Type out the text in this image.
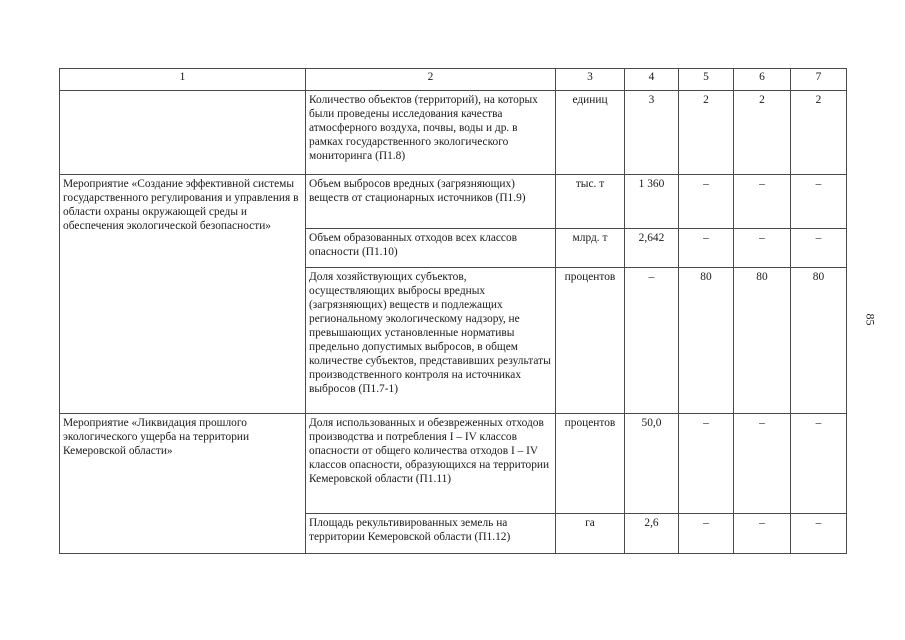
1	2	3	4	5	6	7
	Количество объектов (территорий), на которых были проведены исследования качества атмосферного воздуха, почвы, воды и др. в рамках государственного экологического мониторинга (П1.8)	единиц	3	2	2	2
Мероприятие «Создание эффективной системы государственного регулирования и управления в области охраны окружающей среды и обеспечения экологической безопасности»	Объем выбросов вредных (загрязняющих) веществ от стационарных источников (П1.9)	тыс. т	1 360	–	–	–
	Объем образованных отходов всех классов опасности (П1.10)	млрд. т	2,642	–	–	–
	Доля хозяйствующих субъектов, осуществляющих выбросы вредных (загрязняющих) веществ и подлежащих региональному экологическому надзору, не превышающих установленные нормативы предельно допустимых выбросов, в общем количестве субъектов, представивших результаты производственного контроля на источниках выбросов (П1.7-1)	процентов	–	80	80	80
Мероприятие «Ликвидация прошлого экологического ущерба на территории Кемеровской области»	Доля использованных и обезвреженных отходов производства и потребления I – IV классов опасности от общего количества отходов I – IV классов опасности, образующихся на территории Кемеровской области (П1.11)	процентов	50,0	–	–	–
	Площадь рекультивированных земель на территории Кемеровской области (П1.12)	га	2,6	–	–	–
85
